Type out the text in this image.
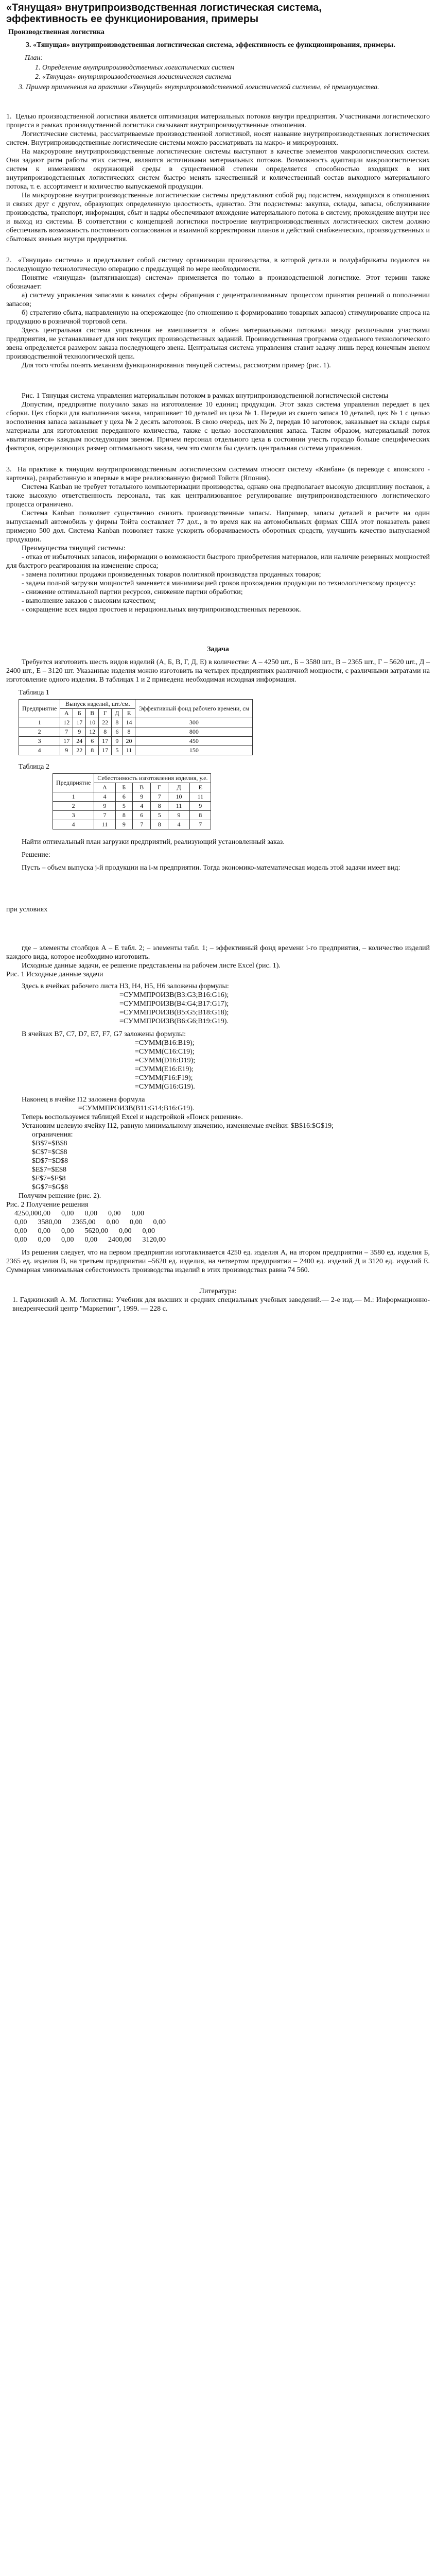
«Тянущая» внутрипроизводственная логистическая система,
эффективность ее функционирования, примеры

Производственная логистика

3. «Тянущая» внутрипроизводственная логистическая система, эффективность ее функционирования, примеры.

План:

1. Определение внутрипроизводственных логистических систем
2. «Тянущая» внутрипроизводственная логистическая система

3. Пример применения на практике «Тянущей» внутрипроизводственной логистической системы, её преимущества.

1. Целью производственной логистики является оптимизация материальных потоков внутри предприятия. Участниками логистического процесса в рамках производственной логистики связывают внутрипроизводственные отношения.

Логистические системы, рассматриваемые производственной логистикой, носят название внутрипроизводственных логистических систем. Внутрипроизводственные логистические системы можно рассматривать на макро- и микроуровнях.

На макроуровне внутрипроизводственные логистические системы выступают в качестве элементов макрологистических систем. Они задают ритм работы этих систем, являются источниками материальных потоков. Возможность адаптации макрологистических систем к изменениям окружающей среды в существенной степени определяется способностью входящих в них внутрипроизводственных логистических систем быстро менять качественный и количественный состав выходного материального потока, т. е. ассортимент и количество выпускаемой продукции.

На микроуровне внутрипроизводственные логистические системы представляют собой ряд подсистем, находящихся в отношениях и связях друг с другом, образующих определенную целостность, единство. Эти подсистемы: закупка, склады, запасы, обслуживание производства, транспорт, информация, сбыт и кадры обеспечивают вхождение материального потока в систему, прохождение внутри нее и выход из системы. В соответствии с концепцией логистики построение внутрипроизводственных логистических систем должно обеспечивать возможность постоянного согласования и взаимной корректировки планов и действий снабженческих, производственных и сбытовых звеньев внутри предприятия.

2. «Тянущая» система» и представляет собой систему организации производства, в которой детали и полуфабрикаты подаются на последующую технологическую операцию с предыдущей по мере необходимости.

Понятие «тянущая» (вытягивающая) система» применяется по только в производственной логистике. Этот термин также обозначает:

а) систему управления запасами в каналах сферы обращения с децентрализованным процессом принятия решений о пополнении запасов;

б) стратегию сбыта, направленную на опережающее (по отношению к формированию товарных запасов) стимулирование спроса на продукцию в розничной торговой сети.

Здесь центральная система управления не вмешивается в обмен материальными потоками между различными участками предприятия, не устанавливает для них текущих производственных заданий. Производственная программа отдельного технологического звена определяется размером заказа последующего звена. Центральная система управления ставит задачу лишь перед конечным звеном производственной технологической цепи.

Для того чтобы понять механизм функционирования тянущей системы, рассмотрим пример (рис. 1).

Рис. 1 Тянущая система управления материальным потоком в рамках внутрипроизводственной логистической системы

Допустим, предприятие получило заказ на изготовление 10 единиц продукции. Этот заказ система управления передает в цех сборки. Цех сборки для выполнения заказа, запрашивает 10 деталей из цеха № 1. Передав из своего запаса 10 деталей, цех № 1 с целью восполнения запаса заказывает у цеха № 2 десять заготовок. В свою очередь, цех № 2, передав 10 заготовок, заказывает на складе сырья материалы для изготовления переданного количества, также с целью восстановления запаса. Таким образом, материальный поток «вытягивается» каждым последующим звеном. Причем персонал отдельного цеха в состоянии учесть гораздо больше специфических факторов, определяющих размер оптимального заказа, чем это смогла бы сделать центральная система управления.

3. На практике к тянущим внутрипроизводственным логистическим системам относят систему «Канбан» (в переводе с японского - карточка), разработанную и впервые в мире реализованную фирмой Тойота (Япония).

Система Kanban не требует тотального компьютеризации производства, однако она предполагает высокую дисциплину поставок, а также высокую ответственность персонала, так как централизованное регулирование внутрипроизводственного логистического процесса ограничено.

Система Kanban позволяет существенно снизить производственные запасы. Например, запасы деталей в расчете на один выпускаемый автомобиль у фирмы Тойта составляет 77 дол., в то время как на автомобильных фирмах США этот показатель равен примерно 500 дол. Система Kanban позволяет также ускорить оборачиваемость оборотных средств, улучшить качество выпускаемой продукции.

Преимущества тянущей системы:

- отказ от избыточных запасов, информации о возможности быстрого приобретения материалов, или наличие резервных мощностей для быстрого реагирования на изменение спроса;

- замена политики продажи произведенных товаров политикой производства проданных товаров;

- задача полной загрузки мощностей заменяется минимизацией сроков прохождения продукции по технологическому процессу:

- снижение оптимальной партии ресурсов, снижение партии обработки;

- выполнение заказов с высоким качеством;

- сокращение всех видов простоев и нерациональных внутрипроизводственных перевозок.

Задача

Требуется изготовить шесть видов изделий (А, Б, В, Г, Д, Е) в количестве: А – 4250 шт., Б – 3580 шт., В – 2365 шт., Г – 5620 шт., Д – 2400 шт., Е – 3120 шт. Указанные изделия можно изготовить на четырех предприятиях различной мощности, с различными затратами на изготовление одного изделия. В таблицах 1 и 2 приведена необходимая исходная информация.

Таблица 1

Предприятие	Выпуск изделий, шт./см.						Эффективный фонд рабочего времени, см
	А	Б	В	Г	Д	Е	
1	12	17	10	22	8	14	300
2	7	9	12	8	6	8	800
3	17	24	6	17	9	20	450
4	9	22	8	17	5	11	150

Таблица 2

Предприятие	Себестоимость изготовления изделия, у.е.					
	А	Б	В	Г	Д	Е
1	4	6	9	7	10	11
2	9	5	4	8	11	9
3	7	8	6	5	9	8
4	11	9	7	8	4	7

Найти оптимальный план загрузки предприятий, реализующий установленный заказ.

Решение:

Пусть – объем выпуска j-й продукции на i-м предприятии. Тогда экономико-математическая модель этой задачи имеет вид:

при условиях

где – элементы столбцов А – Е табл. 2; – элементы табл. 1; – эффективный фонд времени i-го предприятия, – количество изделий каждого вида, которое необходимо изготовить.

Исходные данные задачи, ее решение представлены на рабочем листе Excel (рис. 1).

Рис. 1 Исходные данные задачи

Здесь в ячейках рабочего листа H3, H4, H5, H6 заложены формулы:

=СУММПРОИЗВ(B3:G3;B16:G16);

=СУММПРОИЗВ(B4:G4;B17:G17);

=СУММПРОИЗВ(B5:G5;B18:G18);

=СУММПРОИЗВ(B6:G6;B19:G19).

В ячейках B7, C7, D7, E7, F7, G7 заложены формулы:

=СУММ(B16:B19);

=СУММ(C16:C19);

=СУММ(D16:D19);

=СУММ(E16:E19);

=СУММ(F16:F19);

=СУММ(G16:G19).

Наконец в ячейке I12 заложена формула

=СУММПРОИЗВ(B11:G14;B16:G19).

Теперь воспользуемся таблицей Excel и надстройкой «Поиск решения».

Установим целевую ячейку I12, равную минимальному значению, изменяемые ячейки: $B$16:$G$19;

ограничения:

$B$7=$B$8

$C$7=$C$8

$D$7=$D$8

$E$7=$E$8

$F$7=$F$8

$G$7=$G$8

Получим решение (рис. 2).

Рис. 2 Получение решения

4250,000,00      0,00      0,00      0,00      0,00

0,00      3580,00      2365,00      0,00      0,00      0,00

0,00      0,00      0,00      5620,00      0,00      0,00

0,00      0,00      0,00      0,00      2400,00      3120,00

Из решения следует, что на первом предприятии изготавливается 4250 ед. изделия А, на втором предприятии – 3580 ед. изделия Б, 2365 ед. изделия В, на третьем предприятии –5620 ед. изделия, на четвертом предприятии – 2400 ед. изделий Д и 3120 ед. изделий Е. Суммарная минимальная себестоимость производства изделий в этих производствах равна 74 560.

Литература:

1. Гаджинский А. М. Логистика: Учебник для высших и средних специальных учебных заведений.— 2-е изд.— М.: Информационно-внедренческий центр "Маркетинг", 1999. — 228 с.
